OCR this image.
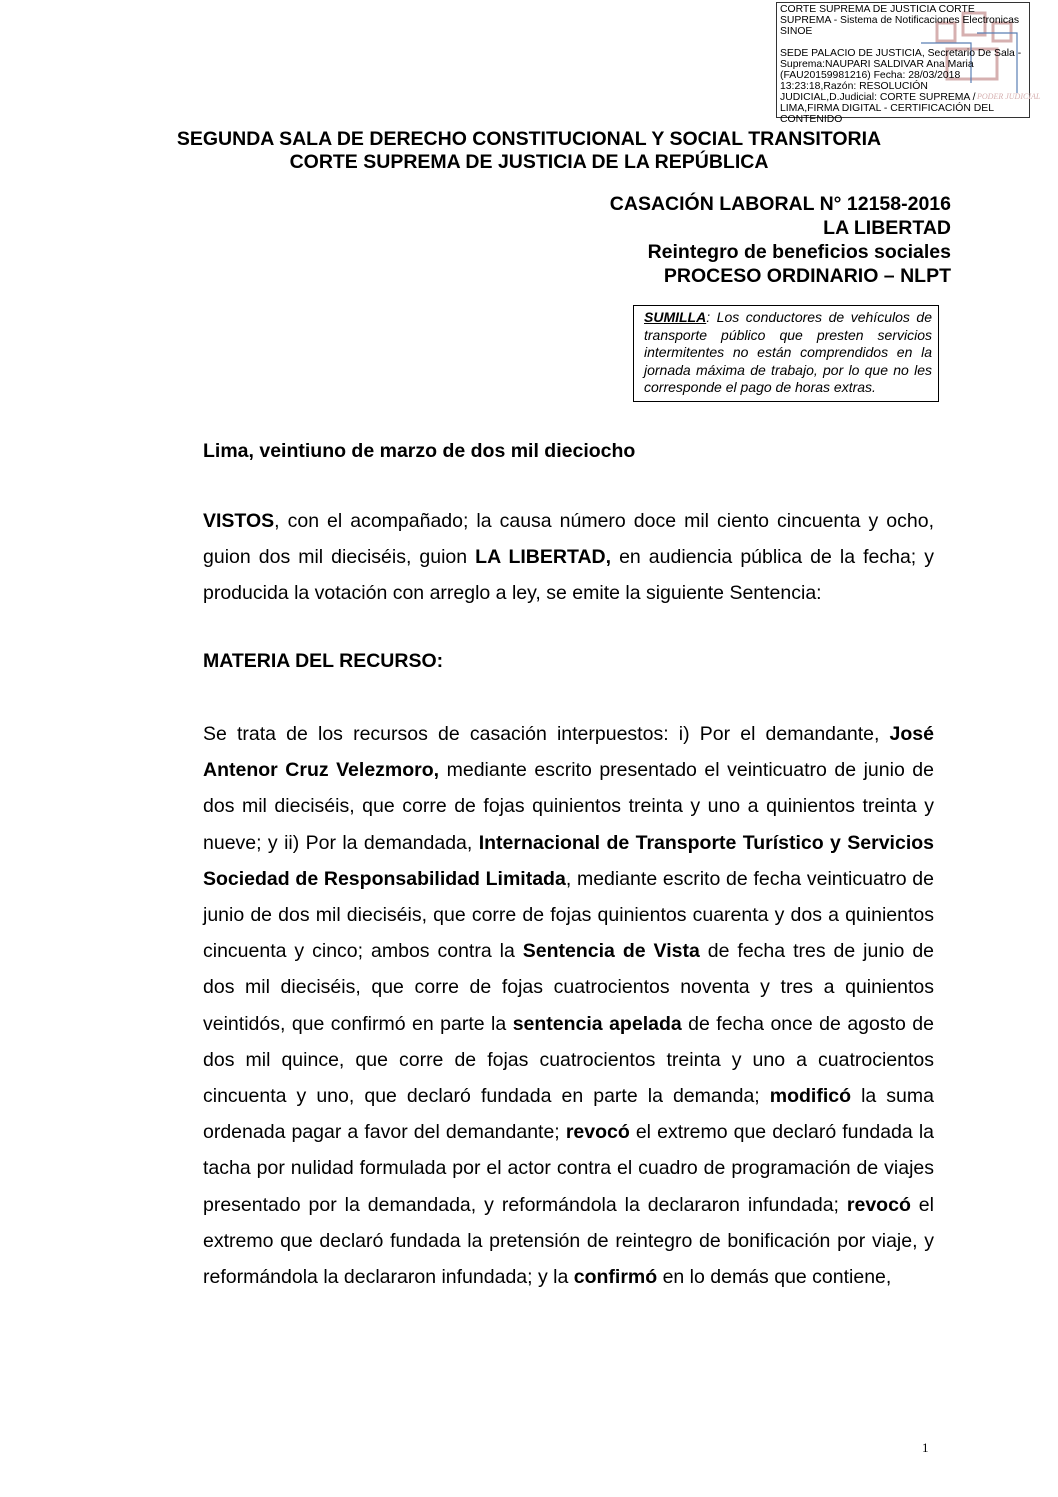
PODER JUDICIAL
CORTE SUPREMA DE JUSTICIA CORTE SUPREMA - Sistema de Notificaciones Electronicas SINOE
SEDE PALACIO DE JUSTICIA, Secretario De Sala - Suprema:NAUPARI SALDIVAR Ana Maria (FAU20159981216) Fecha: 28/03/2018 13:23:18,Razón: RESOLUCIÓN JUDICIAL,D.Judicial: CORTE SUPREMA / LIMA,FIRMA DIGITAL - CERTIFICACIÓN DEL CONTENIDO
SEGUNDA SALA DE DERECHO CONSTITUCIONAL Y SOCIAL TRANSITORIA
CORTE SUPREMA DE JUSTICIA DE LA REPÚBLICA
CASACIÓN LABORAL N° 12158-2016
LA LIBERTAD
Reintegro de beneficios sociales
PROCESO ORDINARIO – NLPT
SUMILLA: Los conductores de vehículos de transporte público que presten servicios intermitentes no están comprendidos en la jornada máxima de trabajo, por lo que no les corresponde el pago de horas extras.
Lima, veintiuno de marzo de dos mil dieciocho
VISTOS, con el acompañado; la causa número doce mil ciento cincuenta y ocho, guion dos mil dieciséis, guion LA LIBERTAD, en audiencia pública de la fecha; y producida la votación con arreglo a ley, se emite la siguiente Sentencia:
MATERIA DEL RECURSO:
Se trata de los recursos de casación interpuestos: i) Por el demandante, José Antenor Cruz Velezmoro, mediante escrito presentado el veinticuatro de junio de dos mil dieciséis, que corre de fojas quinientos treinta y uno a quinientos treinta y nueve; y ii) Por la demandada, Internacional de Transporte Turístico y Servicios Sociedad de Responsabilidad Limitada, mediante escrito de fecha veinticuatro de junio de dos mil dieciséis, que corre de fojas quinientos cuarenta y dos a quinientos cincuenta y cinco; ambos contra la Sentencia de Vista de fecha tres de junio de dos mil dieciséis, que corre de fojas cuatrocientos noventa y tres a quinientos veintidós, que confirmó en parte la sentencia apelada de fecha once de agosto de dos mil quince, que corre de fojas cuatrocientos treinta y uno a cuatrocientos cincuenta y uno, que declaró fundada en parte la demanda; modificó la suma ordenada pagar a favor del demandante; revocó el extremo que declaró fundada la tacha por nulidad formulada por el actor contra el cuadro de programación de viajes presentado por la demandada, y reformándola la declararon infundada; revocó el extremo que declaró fundada la pretensión de reintegro de bonificación por viaje, y reformándola la declararon infundada; y la confirmó en lo demás que contiene,
1
